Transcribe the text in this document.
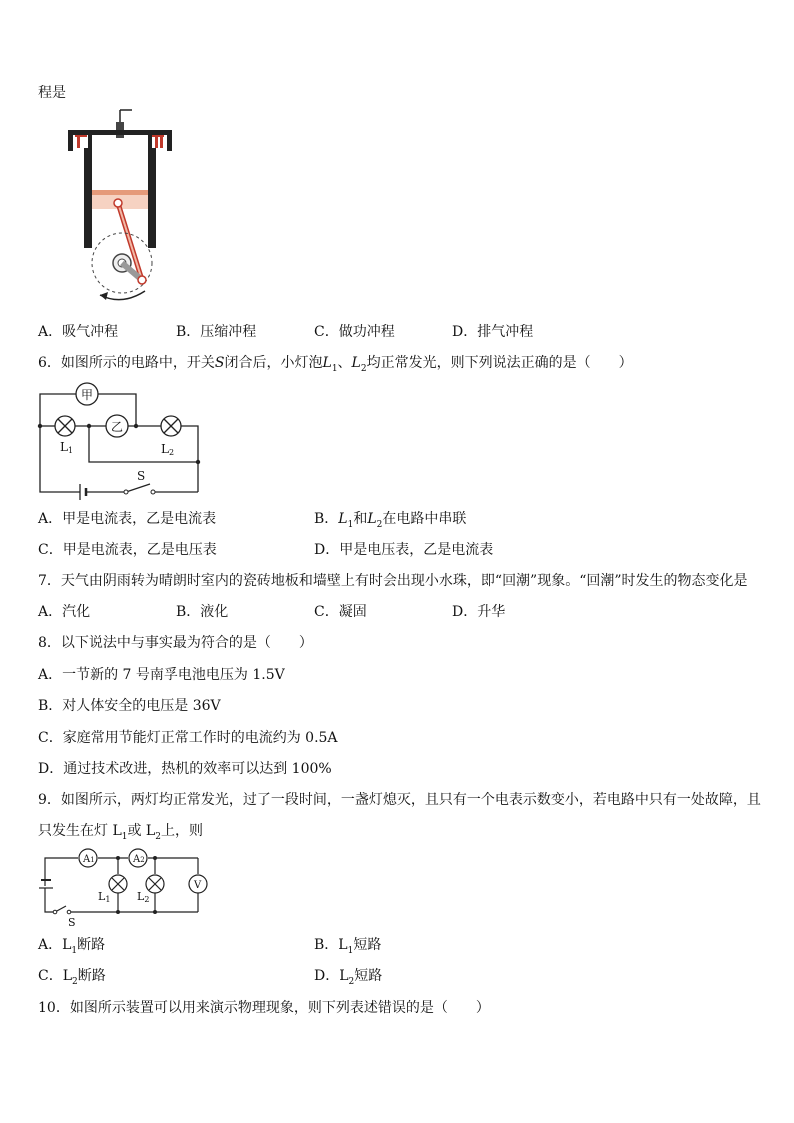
程是
A．吸气冲程	B．压缩冲程	C．做功冲程	D．排气冲程
6．如图所示的电路中，开关S闭合后，小灯泡$L_1$、$L_2$均正常发光，则下列说法正确的是（　　）
甲
乙
L1	L2
S
A．甲是电流表，乙是电流表	B．$L_1$和$L_2$在电路中串联
C．甲是电流表，乙是电压表	D．甲是电压表，乙是电流表
7．天气由阴雨转为晴朗时室内的瓷砖地板和墙壁上有时会出现小水珠，即“回潮”现象。“回潮”时发生的物态变化是
A．汽化	B．液化	C．凝固	D．升华
8．以下说法中与事实最为符合的是（　　）
A．一节新的 7 号南孚电池电压为 1.5V
B．对人体安全的电压是 36V
C．家庭常用节能灯正常工作时的电流约为 0.5A
D．通过技术改进，热机的效率可以达到 100%
9．如图所示，两灯均正常发光，过了一段时间，一盏灯熄灭，且只有一个电表示数变小，若电路中只有一处故障，且
只发生在灯 $L_1$或 $L_2$上，则
A1	A2
V
L1 L2
S
A．$L_1$断路	B．$L_1$短路
C．$L_2$断路	D．$L_2$短路
10．如图所示装置可以用来演示物理现象，则下列表述错误的是（　　）
